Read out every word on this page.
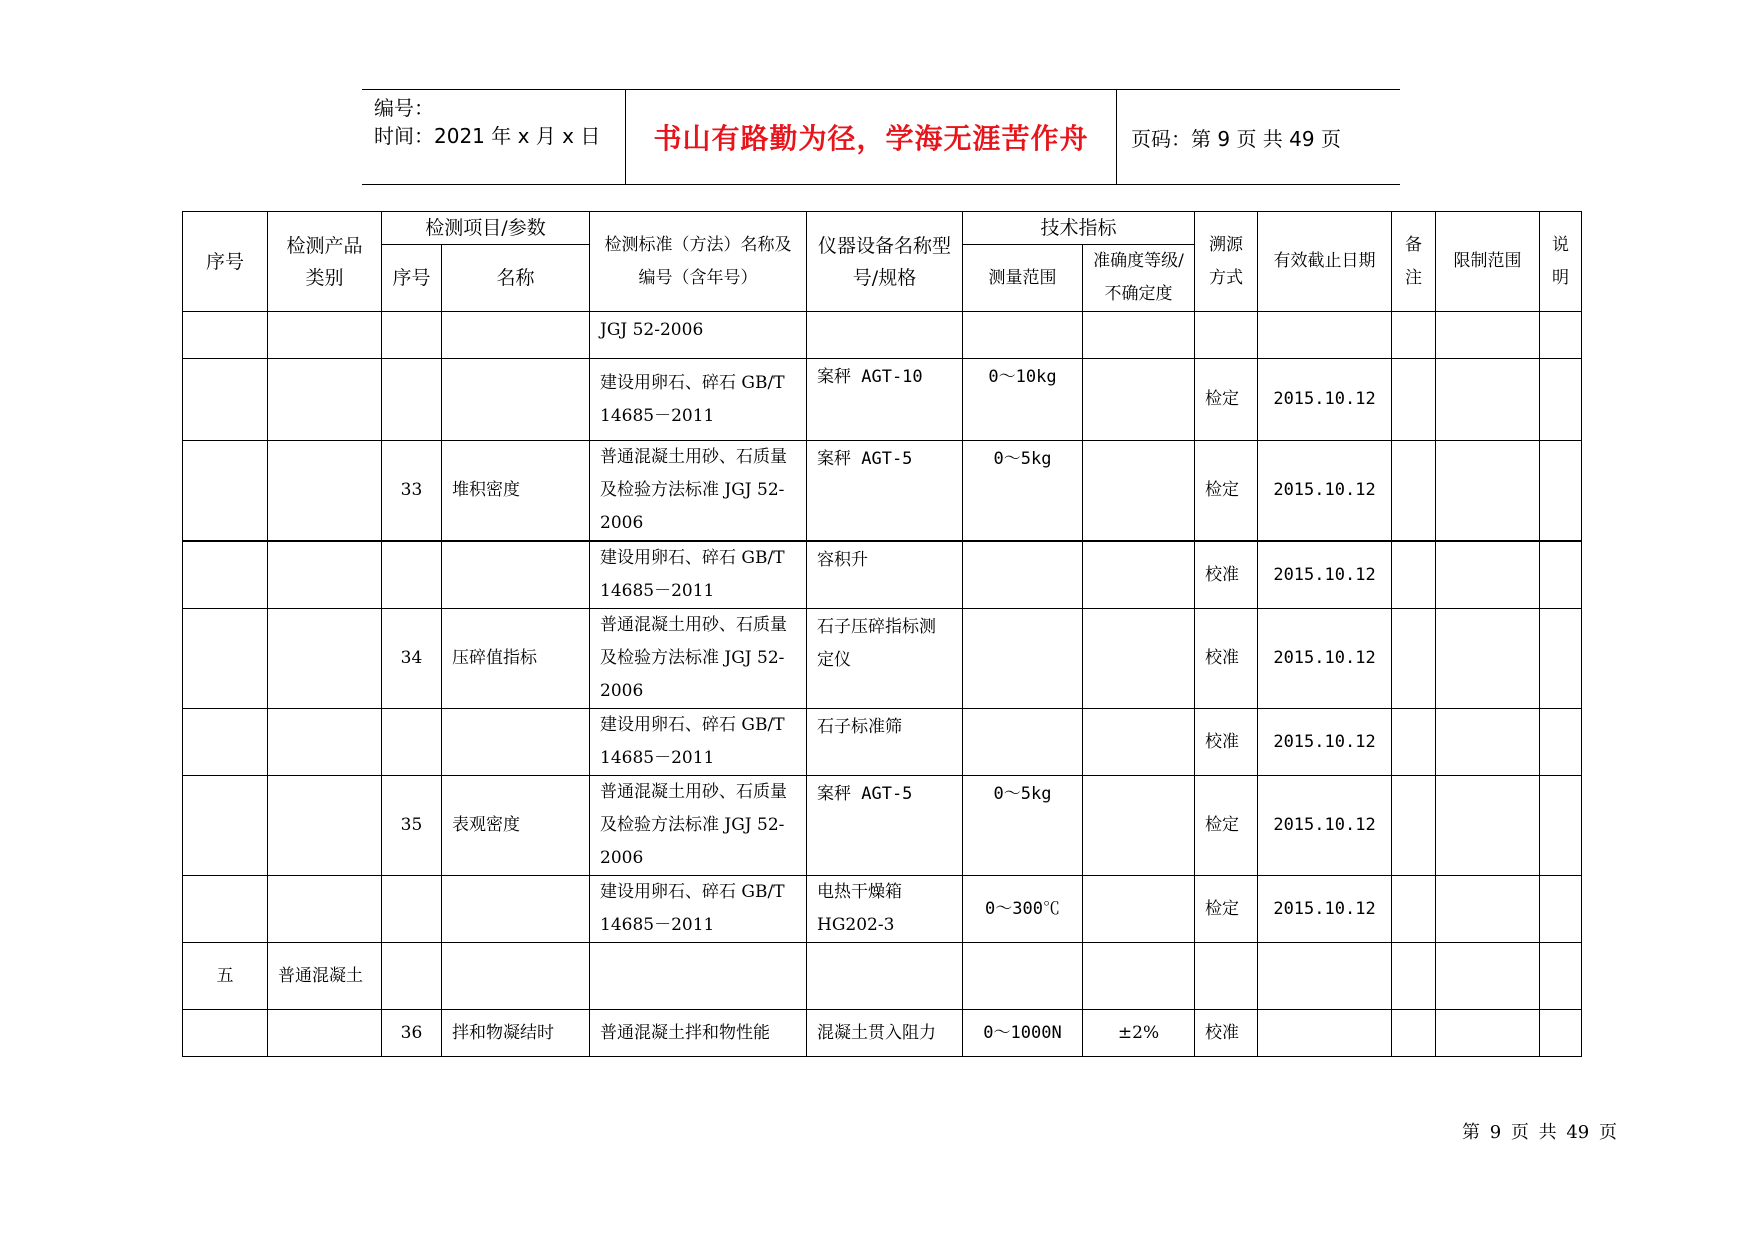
编号：
时间：2021 年 x 月 x 日	书山有路勤为径，学海无涯苦作舟	页码：第 9 页 共 49 页
序号	检测产品类别	检测项目/参数		检测标准（方法）名称及编号（含年号）	仪器设备名称型号/规格	技术指标		溯源方式	有效截止日期	备注	限制范围	说明
		序号	名称			测量范围	准确度等级/不确定度					
				JGJ 52-2006								
				建设用卵石、碎石 GB/T 14685－2011	案秤 AGT-10	0～10kg		检定	2015.10.12			
		33	堆积密度	普通混凝土用砂、石质量及检验方法标准 JGJ 52-2006	案秤 AGT-5	0～5kg		检定	2015.10.12			
				建设用卵石、碎石 GB/T 14685－2011	容积升			校准	2015.10.12			
		34	压碎值指标	普通混凝土用砂、石质量及检验方法标准 JGJ 52-2006	石子压碎指标测定仪			校准	2015.10.12			
				建设用卵石、碎石 GB/T 14685－2011	石子标准筛			校准	2015.10.12			
		35	表观密度	普通混凝土用砂、石质量及检验方法标准 JGJ 52-2006	案秤 AGT-5	0～5kg		检定	2015.10.12			
				建设用卵石、碎石 GB/T 14685－2011	电热干燥箱 HG202-3	0～300℃		检定	2015.10.12			
五	普通混凝土											
		36	拌和物凝结时	普通混凝土拌和物性能	混凝土贯入阻力	0～1000N	±2%	校准				
第 9 页 共 49 页
